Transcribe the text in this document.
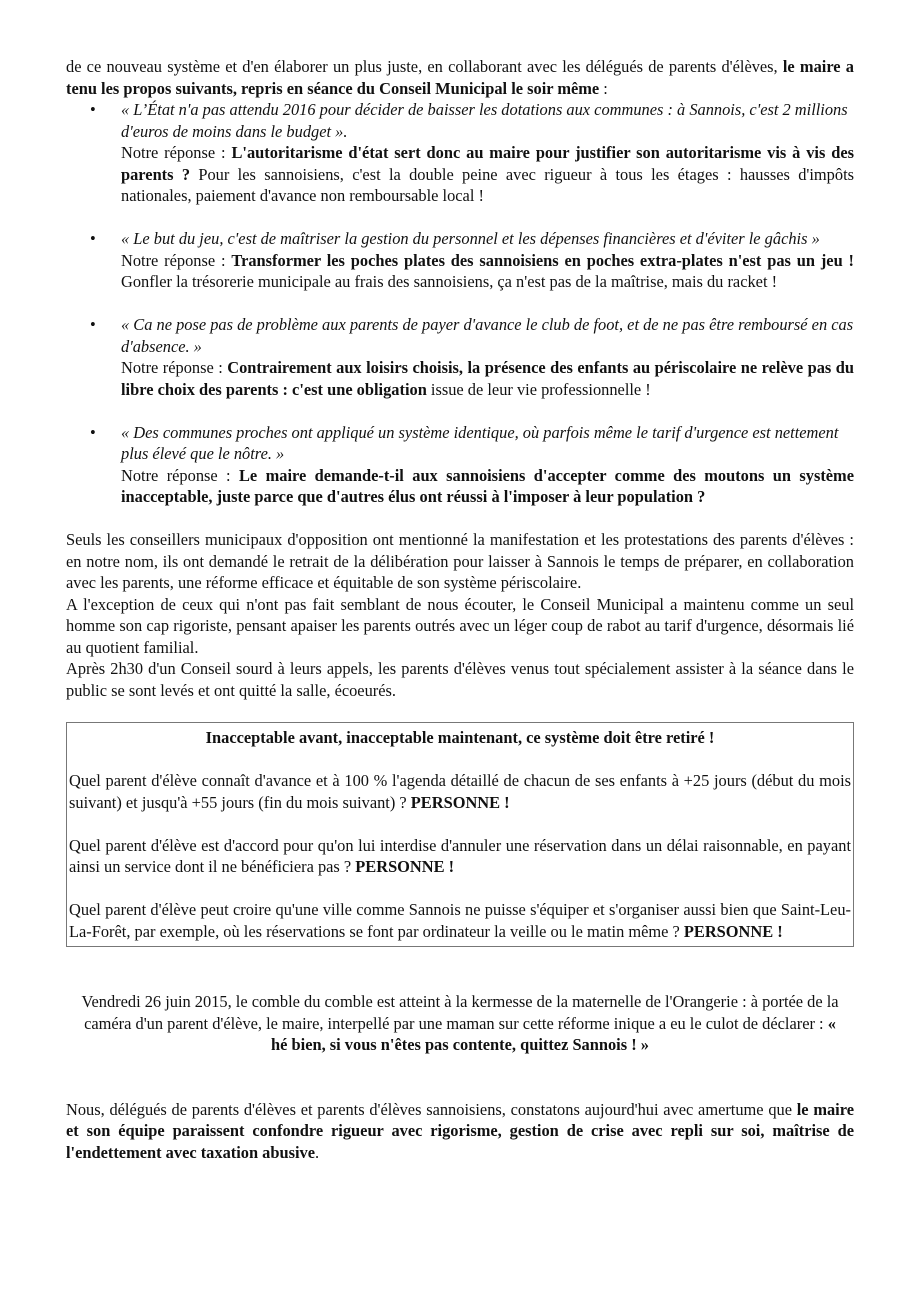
de ce nouveau système et d'en élaborer un plus juste, en collaborant avec les délégués de parents d'élèves, le maire a tenu les propos suivants, repris en séance du Conseil Municipal le soir même :

• « L’État n'a pas attendu 2016 pour décider de baisser les dotations aux communes : à Sannois, c'est 2 millions d'euros de moins dans le budget ».
Notre réponse : L'autoritarisme d'état sert donc au maire pour justifier son autoritarisme vis à vis des parents ? Pour les sannoisiens, c'est la double peine avec rigueur à tous les étages : hausses d'impôts nationales, paiement d'avance non remboursable local !
• « Le but du jeu, c'est de maîtriser la gestion du personnel et les dépenses financières et d'éviter le gâchis »
Notre réponse : Transformer les poches plates des sannoisiens en poches extra-plates n'est pas un jeu ! Gonfler la trésorerie municipale au frais des sannoisiens, ça n'est pas de la maîtrise, mais du racket !
• « Ca ne pose pas de problème aux parents de payer d'avance le club de foot, et de ne pas être remboursé en cas d'absence. »
Notre réponse : Contrairement aux loisirs choisis, la présence des enfants au périscolaire ne relève pas du libre choix des parents : c'est une obligation issue de leur vie professionnelle !
• « Des communes proches ont appliqué un système identique, où parfois même le tarif d'urgence est nettement plus élevé que le nôtre. »
Notre réponse : Le maire demande-t-il aux sannoisiens d'accepter comme des moutons un système inacceptable, juste parce que d'autres élus ont réussi à l'imposer à leur population ?

Seuls les conseillers municipaux d'opposition ont mentionné la manifestation et les protestations des parents d'élèves : en notre nom, ils ont demandé le retrait de la délibération pour laisser à Sannois le temps de préparer, en collaboration avec les parents, une réforme efficace et équitable de son système périscolaire.

A l'exception de ceux qui n'ont pas fait semblant de nous écouter, le Conseil Municipal a maintenu comme un seul homme son cap rigoriste, pensant apaiser les parents outrés avec un léger coup de rabot au tarif d'urgence, désormais lié au quotient familial.

Après 2h30 d'un Conseil sourd à leurs appels, les parents d'élèves venus tout spécialement assister à la séance dans le public se sont levés et ont quitté la salle, écoeurés.

Inacceptable avant, inacceptable maintenant, ce système doit être retiré !

Quel parent d'élève connaît d'avance et à 100 % l'agenda détaillé de chacun de ses enfants à +25 jours (début du mois suivant) et jusqu'à +55 jours (fin du mois suivant) ? PERSONNE !

Quel parent d'élève est d'accord pour qu'on lui interdise d'annuler une réservation dans un délai raisonnable, en payant ainsi un service dont il ne bénéficiera pas ? PERSONNE !

Quel parent d'élève peut croire qu'une ville comme Sannois ne puisse s'équiper et s'organiser aussi bien que Saint-Leu-La-Forêt, par exemple, où les réservations se font par ordinateur la veille ou le matin même ? PERSONNE !

Vendredi 26 juin 2015, le comble du comble est atteint à la kermesse de la maternelle de l'Orangerie : à portée de la caméra d'un parent d'élève, le maire, interpellé par une maman sur cette réforme inique a eu le culot de déclarer : « hé bien, si vous n'êtes pas contente, quittez Sannois ! »

Nous, délégués de parents d'élèves et parents d'élèves sannoisiens, constatons aujourd'hui avec amertume que le maire et son équipe paraissent confondre rigueur avec rigorisme, gestion de crise avec repli sur soi, maîtrise de l'endettement avec taxation abusive.
